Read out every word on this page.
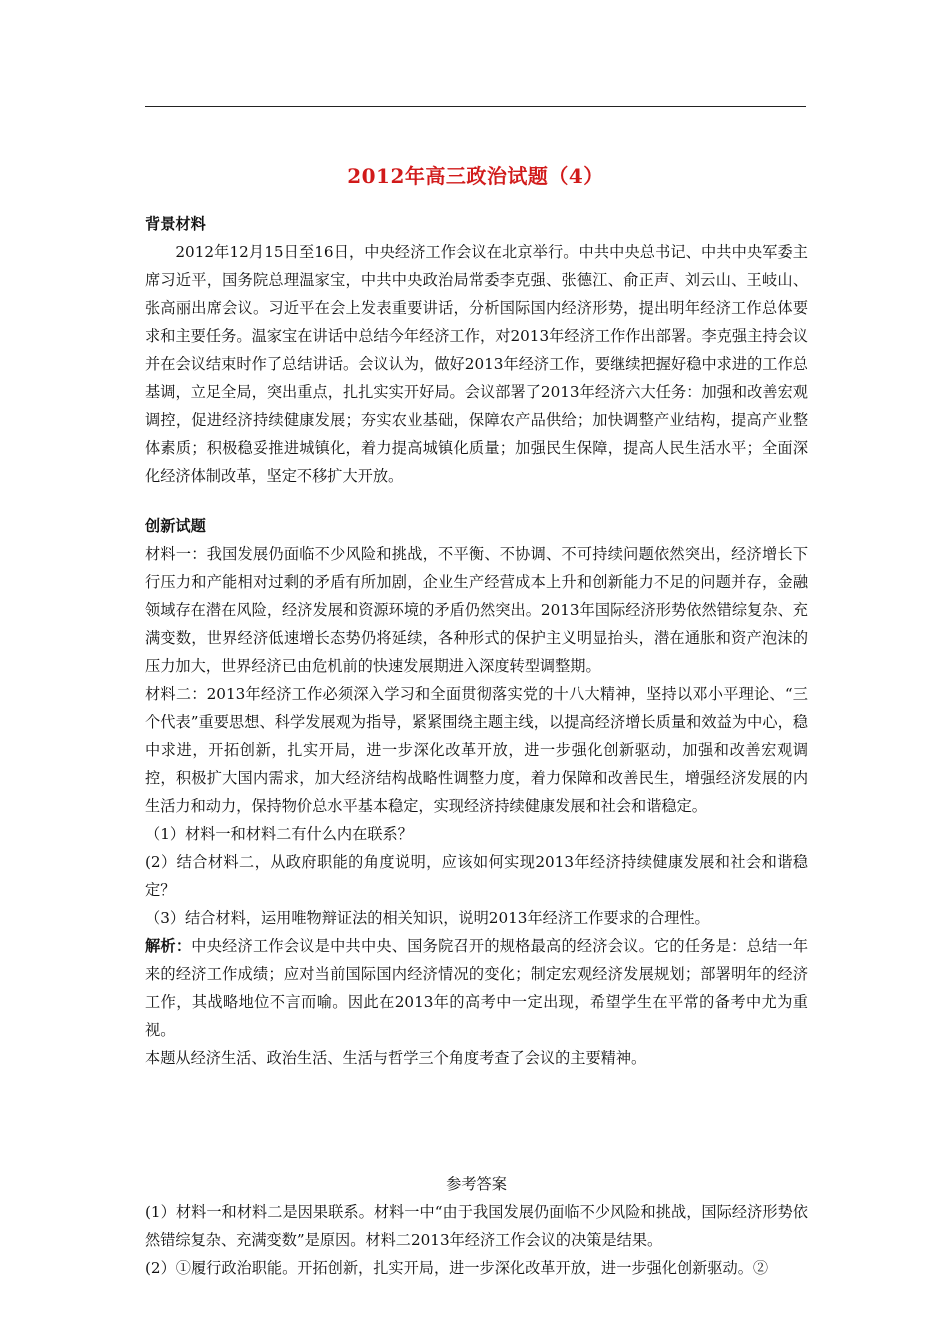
2012年高三政治试题（4）
背景材料

2012年12月15日至16日，中央经济工作会议在北京举行。中共中央总书记、中共中央军委主席习近平，国务院总理温家宝，中共中央政治局常委李克强、张德江、俞正声、刘云山、王岐山、张高丽出席会议。习近平在会上发表重要讲话，分析国际国内经济形势，提出明年经济工作总体要求和主要任务。温家宝在讲话中总结今年经济工作，对2013年经济工作作出部署。李克强主持会议并在会议结束时作了总结讲话。会议认为，做好2013年经济工作，要继续把握好稳中求进的工作总基调，立足全局，突出重点，扎扎实实开好局。会议部署了2013年经济六大任务：加强和改善宏观调控，促进经济持续健康发展；夯实农业基础，保障农产品供给；加快调整产业结构，提高产业整体素质；积极稳妥推进城镇化，着力提高城镇化质量；加强民生保障，提高人民生活水平；全面深化经济体制改革，坚定不移扩大开放。

创新试题

材料一：我国发展仍面临不少风险和挑战，不平衡、不协调、不可持续问题依然突出，经济增长下行压力和产能相对过剩的矛盾有所加剧，企业生产经营成本上升和创新能力不足的问题并存，金融领域存在潜在风险，经济发展和资源环境的矛盾仍然突出。2013年国际经济形势依然错综复杂、充满变数，世界经济低速增长态势仍将延续，各种形式的保护主义明显抬头，潜在通胀和资产泡沫的压力加大，世界经济已由危机前的快速发展期进入深度转型调整期。

材料二：2013年经济工作必须深入学习和全面贯彻落实党的十八大精神，坚持以邓小平理论、“三个代表”重要思想、科学发展观为指导，紧紧围绕主题主线，以提高经济增长质量和效益为中心，稳中求进，开拓创新，扎实开局，进一步深化改革开放，进一步强化创新驱动，加强和改善宏观调控，积极扩大国内需求，加大经济结构战略性调整力度，着力保障和改善民生，增强经济发展的内生活力和动力，保持物价总水平基本稳定，实现经济持续健康发展和社会和谐稳定。

（1）材料一和材料二有什么内在联系？

(2）结合材料二，从政府职能的角度说明，应该如何实现2013年经济持续健康发展和社会和谐稳定？

（3）结合材料，运用唯物辩证法的相关知识，说明2013年经济工作要求的合理性。

解析：中央经济工作会议是中共中央、国务院召开的规格最高的经济会议。它的任务是：总结一年来的经济工作成绩；应对当前国际国内经济情况的变化；制定宏观经济发展规划；部署明年的经济工作，其战略地位不言而喻。因此在2013年的高考中一定出现，希望学生在平常的备考中尤为重视。

本题从经济生活、政治生活、生活与哲学三个角度考查了会议的主要精神。

参考答案

(1）材料一和材料二是因果联系。材料一中“由于我国发展仍面临不少风险和挑战，国际经济形势依然错综复杂、充满变数”是原因。材料二2013年经济工作会议的决策是结果。

(2）①履行政治职能。开拓创新，扎实开局，进一步深化改革开放，进一步强化创新驱动。②
